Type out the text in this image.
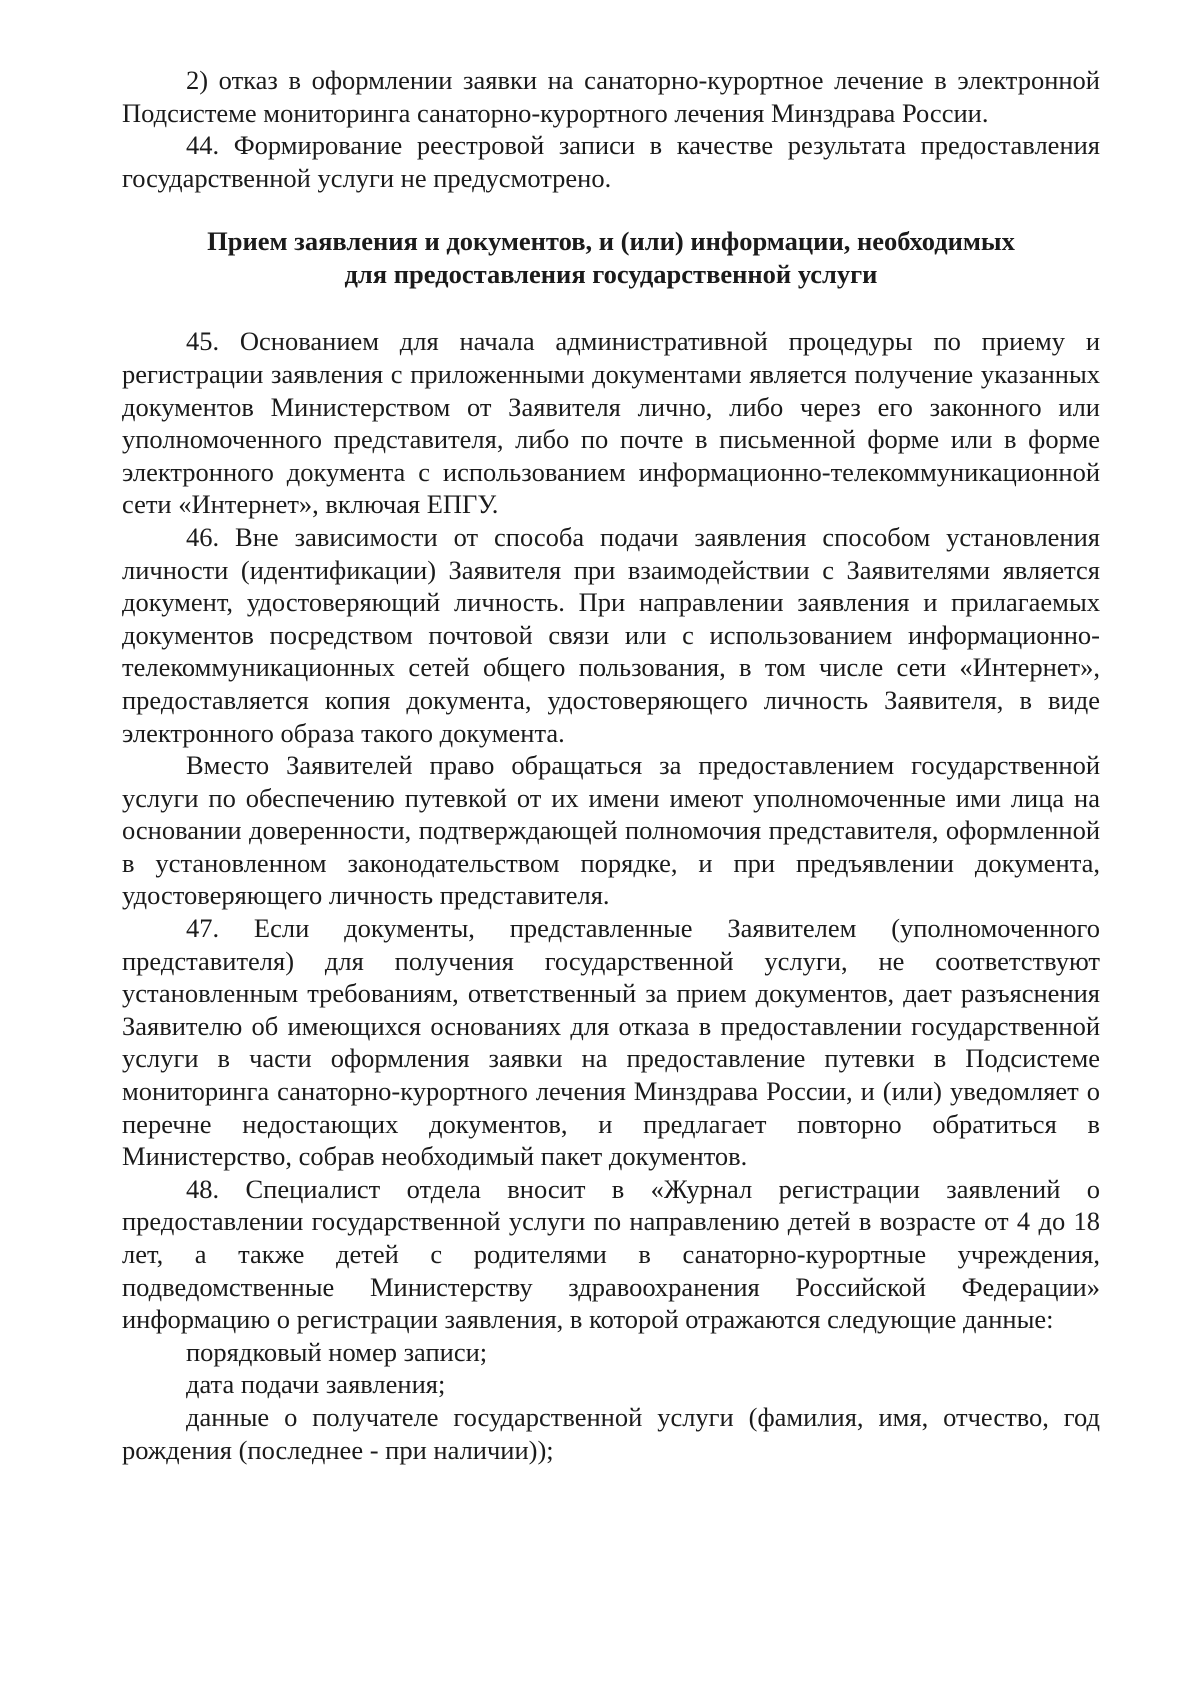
2) отказ в оформлении заявки на санаторно-курортное лечение в электронной Подсистеме мониторинга санаторно-курортного лечения Минздрава России.

44. Формирование реестровой записи в качестве результата предоставления государственной услуги не предусмотрено.

Прием заявления и документов, и (или) информации, необходимых
для предоставления государственной услуги

45. Основанием для начала административной процедуры по приему и регистрации заявления с приложенными документами является получение указанных документов Министерством от Заявителя лично, либо через его законного или уполномоченного представителя, либо по почте в письменной форме или в форме электронного документа с использованием информационно-телекоммуникационной сети «Интернет», включая ЕПГУ.

46. Вне зависимости от способа подачи заявления способом установления личности (идентификации) Заявителя при взаимодействии с Заявителями является документ, удостоверяющий личность. При направлении заявления и прилагаемых документов посредством почтовой связи или с использованием информационно-телекоммуникационных сетей общего пользования, в том числе сети «Интернет», предоставляется копия документа, удостоверяющего личность Заявителя, в виде электронного образа такого документа.

Вместо Заявителей право обращаться за предоставлением государственной услуги по обеспечению путевкой от их имени имеют уполномоченные ими лица на основании доверенности, подтверждающей полномочия представителя, оформленной в установленном законодательством порядке, и при предъявлении документа, удостоверяющего личность представителя.

47. Если документы, представленные Заявителем (уполномоченного представителя) для получения государственной услуги, не соответствуют установленным требованиям, ответственный за прием документов, дает разъяснения Заявителю об имеющихся основаниях для отказа в предоставлении государственной услуги в части оформления заявки на предоставление путевки в Подсистеме мониторинга санаторно-курортного лечения Минздрава России, и (или) уведомляет о перечне недостающих документов, и предлагает повторно обратиться в Министерство, собрав необходимый пакет документов.

48. Специалист отдела вносит в «Журнал регистрации заявлений о предоставлении государственной услуги по направлению детей в возрасте от 4 до 18 лет, а также детей с родителями в санаторно-курортные учреждения, подведомственные Министерству здравоохранения Российской Федерации» информацию о регистрации заявления, в которой отражаются следующие данные:

порядковый номер записи;

дата подачи заявления;

данные о получателе государственной услуги (фамилия, имя, отчество, год рождения (последнее - при наличии));
